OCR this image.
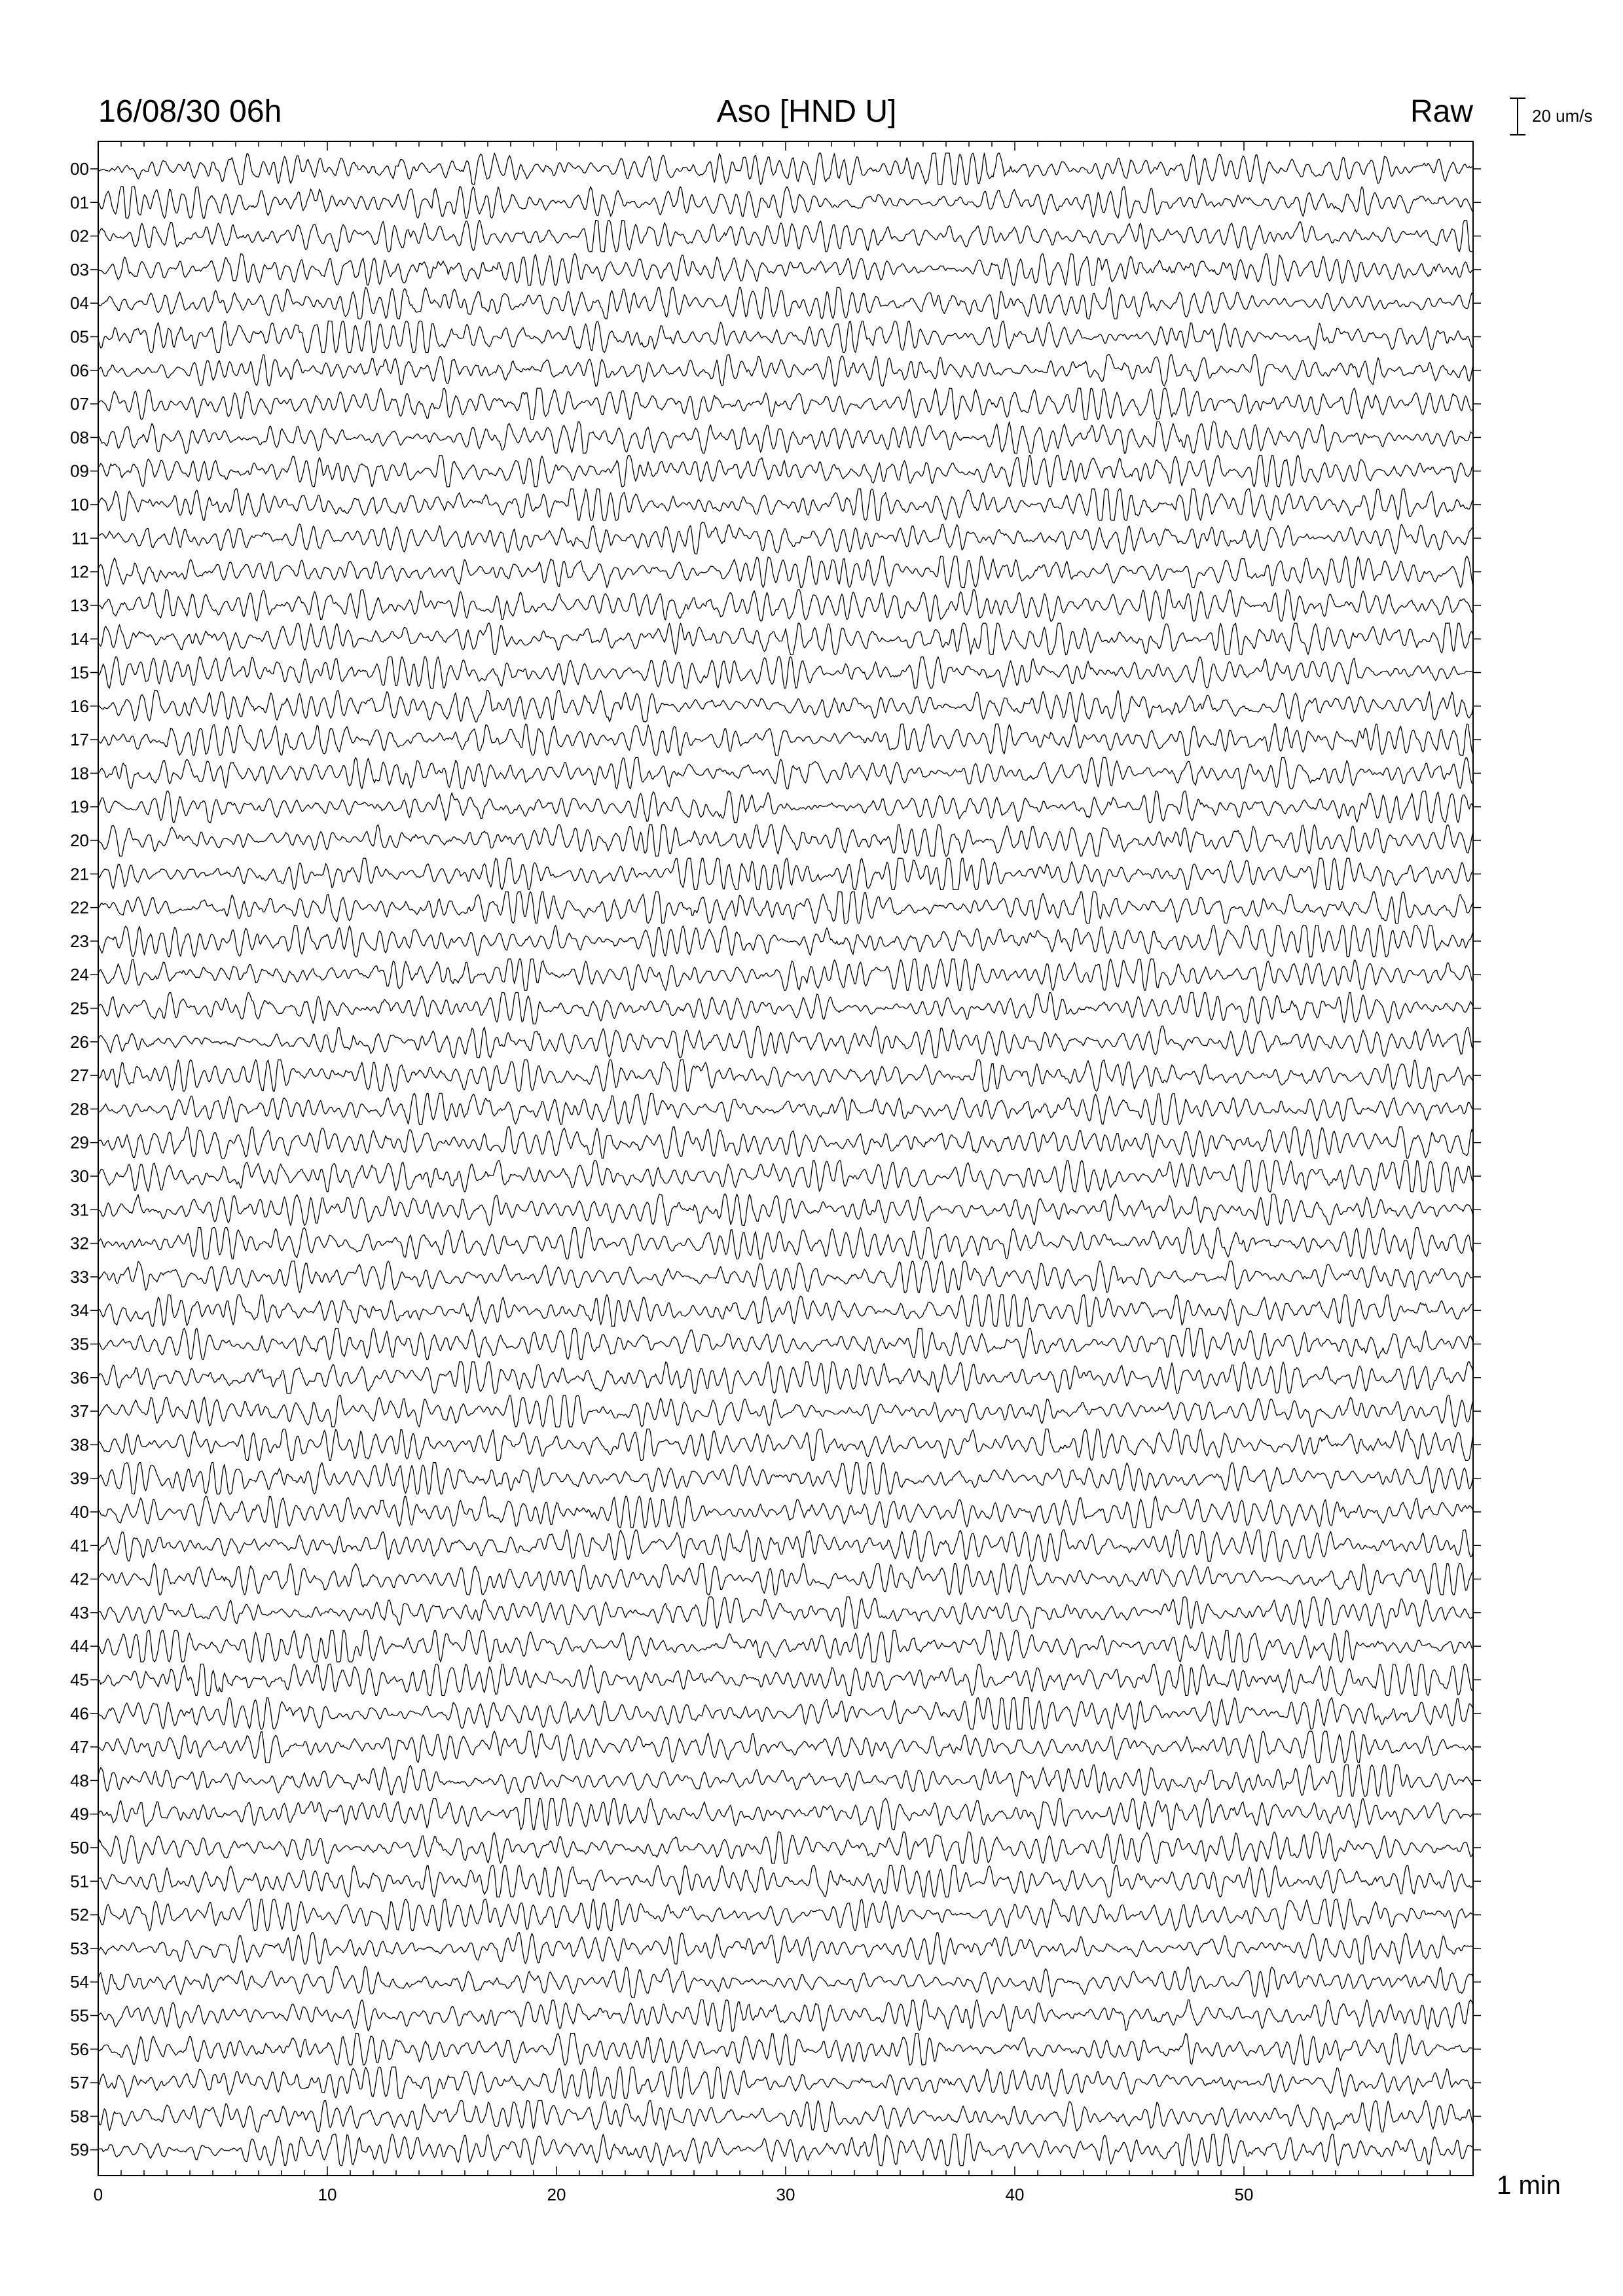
16/08/30 06h	Aso [HND U]	Raw	20 um/s
00
01
02
03
04
05
06
07
08
09
10
11
12
13
14
15
16
17
18
19
20
21
22
23
24
25
26
27
28
29
30
31
32
33
34
35
36
37
38
39
40
41
42
43
44
45
46
47
48
49
50
51
52
53
54
55
56
57
58
59
0	10	20	30	40	50	1 min
